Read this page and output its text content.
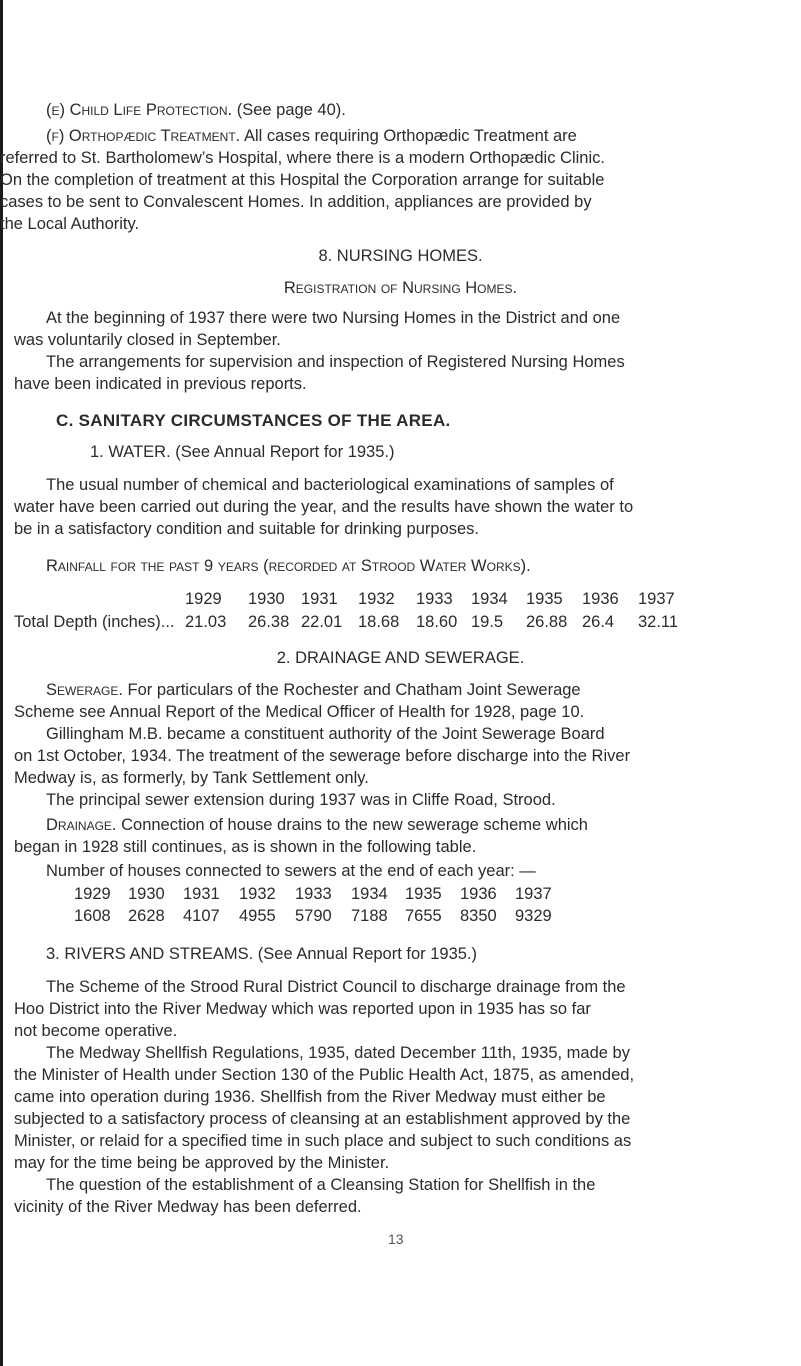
(e) Child Life Protection. (See page 40).
(f) Orthopædic Treatment. All cases requiring Orthopædic Treatment are
referred to St. Bartholomew’s Hospital, where there is a modern Orthopædic Clinic.
On the completion of treatment at this Hospital the Corporation arrange for suitable
cases to be sent to Convalescent Homes. In addition, appliances are provided by
the Local Authority.
8. NURSING HOMES.
Registration of Nursing Homes.
At the beginning of 1937 there were two Nursing Homes in the District and one
was voluntarily closed in September.
The arrangements for supervision and inspection of Registered Nursing Homes
have been indicated in previous reports.
C. SANITARY CIRCUMSTANCES OF THE AREA.
1. WATER. (See Annual Report for 1935.)
The usual number of chemical and bacteriological examinations of samples of
water have been carried out during the year, and the results have shown the water to
be in a satisfactory condition and suitable for drinking purposes.
Rainfall for the past 9 years (recorded at Strood Water Works).
1929 1930 1931 1932 1933 1934 1935 1936 1937
Total Depth (inches)... 21.03 26.38 22.01 18.68 18.60 19.5 26.88 26.4 32.11
2. DRAINAGE AND SEWERAGE.
Sewerage. For particulars of the Rochester and Chatham Joint Sewerage
Scheme see Annual Report of the Medical Officer of Health for 1928, page 10.
Gillingham M.B. became a constituent authority of the Joint Sewerage Board
on 1st October, 1934. The treatment of the sewerage before discharge into the River
Medway is, as formerly, by Tank Settlement only.
The principal sewer extension during 1937 was in Cliffe Road, Strood.
Drainage. Connection of house drains to the new sewerage scheme which
began in 1928 still continues, as is shown in the following table.
Number of houses connected to sewers at the end of each year: —
1929 1930 1931 1932 1933 1934 1935 1936 1937
1608 2628 4107 4955 5790 7188 7655 8350 9329
3. RIVERS AND STREAMS. (See Annual Report for 1935.)
The Scheme of the Strood Rural District Council to discharge drainage from the
Hoo District into the River Medway which was reported upon in 1935 has so far
not become operative.
The Medway Shellfish Regulations, 1935, dated December 11th, 1935, made by
the Minister of Health under Section 130 of the Public Health Act, 1875, as amended,
came into operation during 1936. Shellfish from the River Medway must either be
subjected to a satisfactory process of cleansing at an establishment approved by the
Minister, or relaid for a specified time in such place and subject to such conditions as
may for the time being be approved by the Minister.
The question of the establishment of a Cleansing Station for Shellfish in the
vicinity of the River Medway has been deferred.
13
